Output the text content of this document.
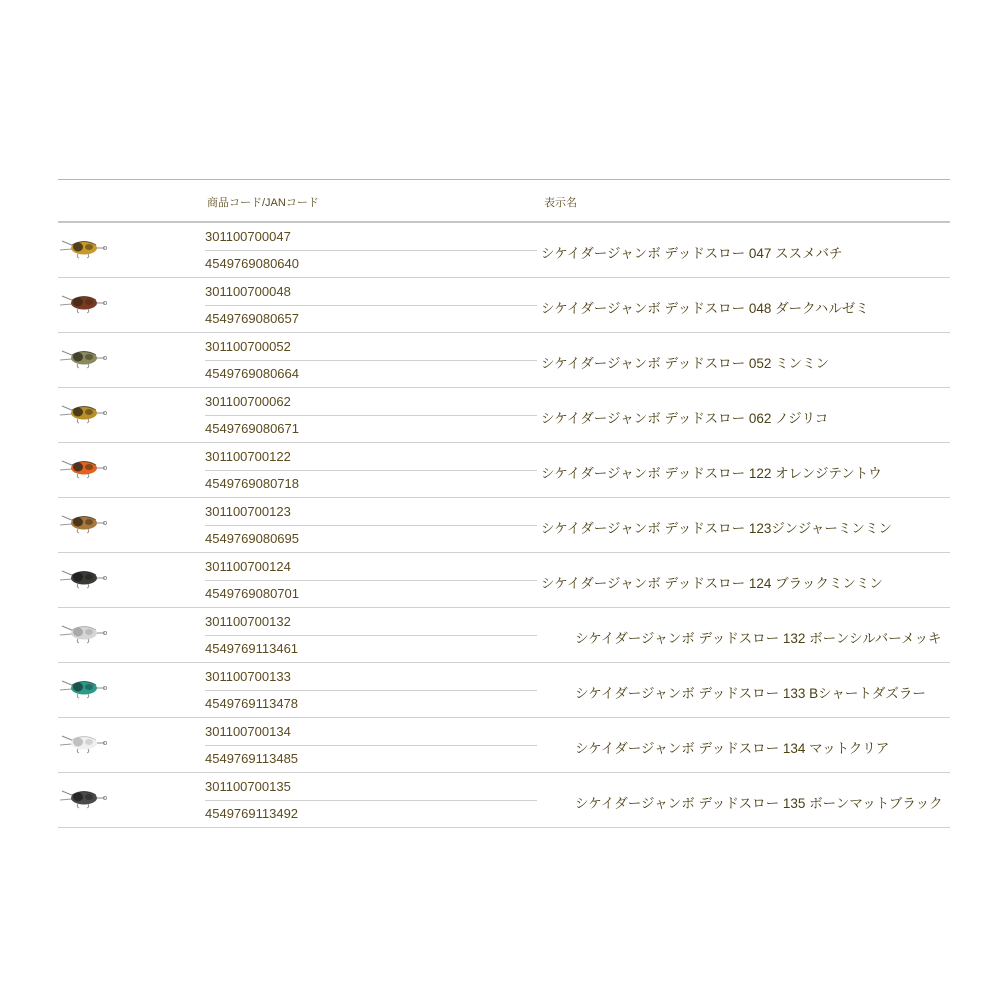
商品コード/JANコード	表示名
301100700047
4549769080640
シケイダージャンボ デッドスロー 047 ススメバチ
301100700048
4549769080657
シケイダージャンボ デッドスロー 048 ダークハルゼミ
301100700052
4549769080664
シケイダージャンボ デッドスロー 052 ミンミン
301100700062
4549769080671
シケイダージャンボ デッドスロー 062 ノジリコ
301100700122
4549769080718
シケイダージャンボ デッドスロー 122 オレンジテントウ
301100700123
4549769080695
シケイダージャンボ デッドスロー 123ジンジャーミンミン
301100700124
4549769080701
シケイダージャンボ デッドスロー 124 ブラックミンミン
301100700132
4549769113461
シケイダージャンボ デッドスロー 132 ボーンシルバーメッキ
301100700133
4549769113478
シケイダージャンボ デッドスロー 133 Bシャートダズラー
301100700134
4549769113485
シケイダージャンボ デッドスロー 134 マットクリア
301100700135
4549769113492
シケイダージャンボ デッドスロー 135 ボーンマットブラック
